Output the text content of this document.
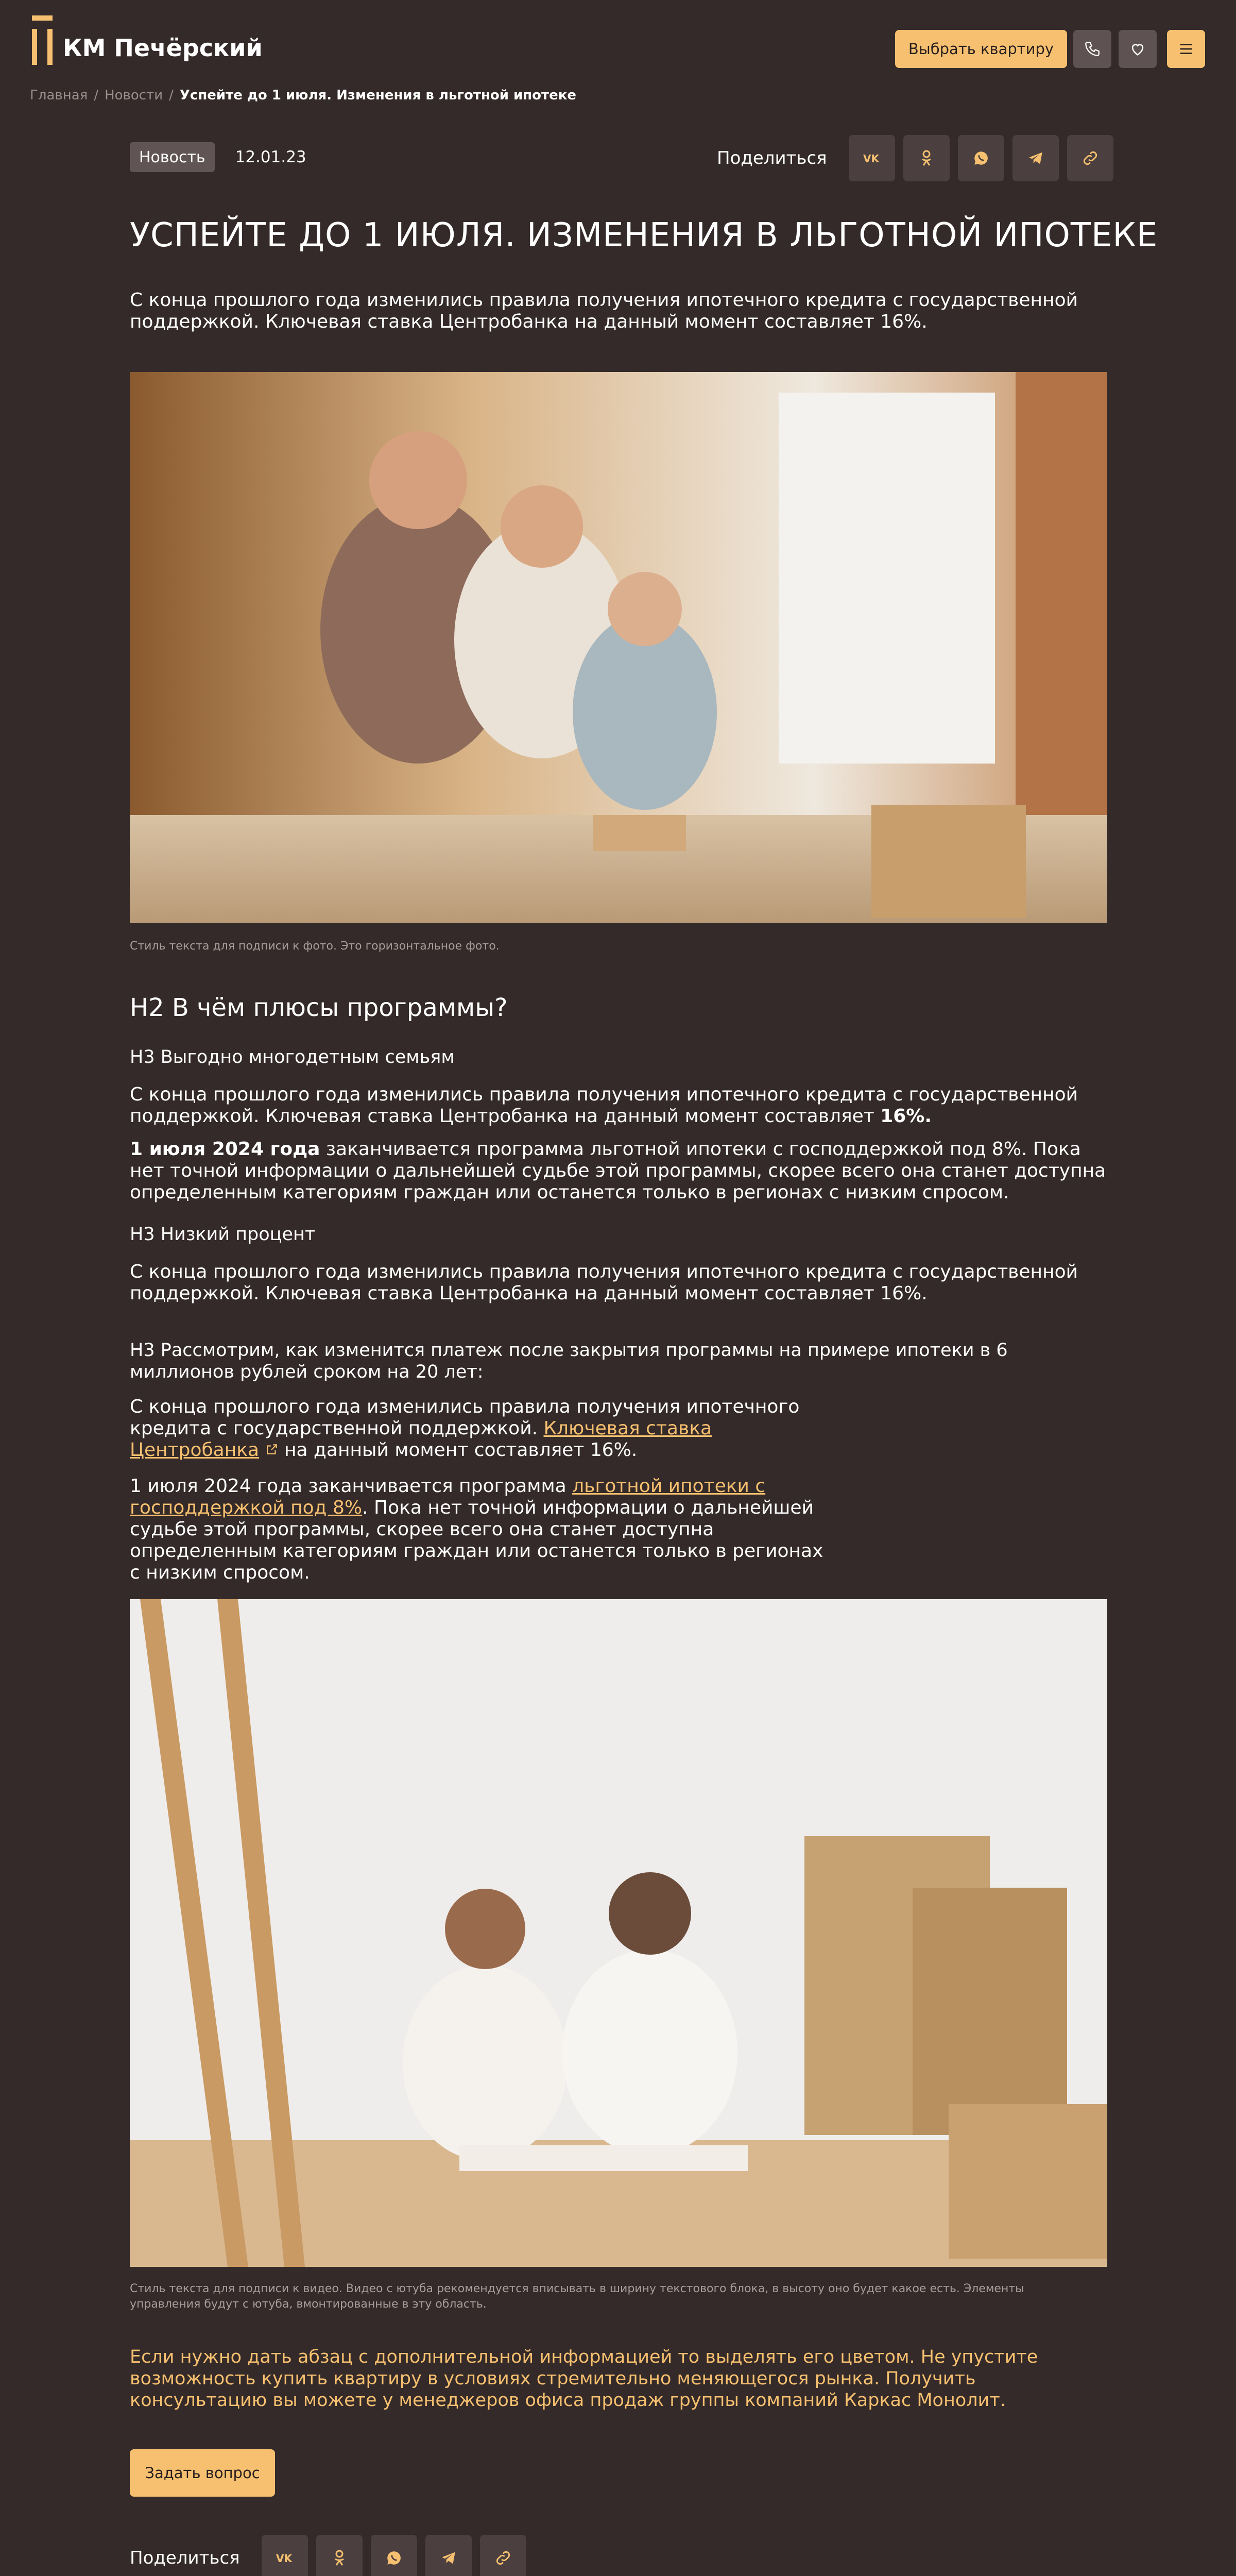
КМ Печёрский	Выбрать квартиру
Главная / Новости / Успейте до 1 июля. Изменения в льготной ипотеке
Новость	12.01.23	Поделиться	VK
УСПЕЙТЕ ДО 1 ИЮЛЯ. ИЗМЕНЕНИЯ В ЛЬГОТНОЙ ИПОТЕКЕ

С конца прошлого года изменились правила получения ипотечного кредита с государственной поддержкой. Ключевая ставка Центробанка на данный момент составляет 16%.

Стиль текста для подписи к фото. Это горизонтальное фото.

H2 В чём плюсы программы?

H3 Выгодно многодетным семьям

С конца прошлого года изменились правила получения ипотечного кредита с государственной поддержкой. Ключевая ставка Центробанка на данный момент составляет 16%.

1 июля 2024 года заканчивается программа льготной ипотеки с господдержкой под 8%. Пока нет точной информации о дальнейшей судьбе этой программы, скорее всего она станет доступна определенным категориям граждан или останется только в регионах с низким спросом.

H3 Низкий процент

С конца прошлого года изменились правила получения ипотечного кредита с государственной поддержкой. Ключевая ставка Центробанка на данный момент составляет 16%.

H3 Рассмотрим, как изменится платеж после закрытия программы на примере ипотеки в 6 миллионов рублей сроком на 20 лет:

С конца прошлого года изменились правила получения ипотечного кредита с государственной поддержкой. Ключевая ставка Центробанка  на данный момент составляет 16%.

1 июля 2024 года заканчивается программа льготной ипотеки с господдержкой под 8%. Пока нет точной информации о дальнейшей судьбе этой программы, скорее всего она станет доступна определенным категориям граждан или останется только в регионах с низким спросом.

Стиль текста для подписи к видео. Видео с ютуба рекомендуется вписывать в ширину текстового блока, в высоту оно будет какое есть. Элементы управления будут с ютуба, вмонтированные в эту область.

Если нужно дать абзац с дополнительной информацией то выделять его цветом. Не упустите возможность купить квартиру в условиях стремительно меняющегося рынка. Получить консультацию вы можете у менеджеров офиса продаж группы компаний Каркас Монолит.

Задать вопрос
Поделиться	VK
